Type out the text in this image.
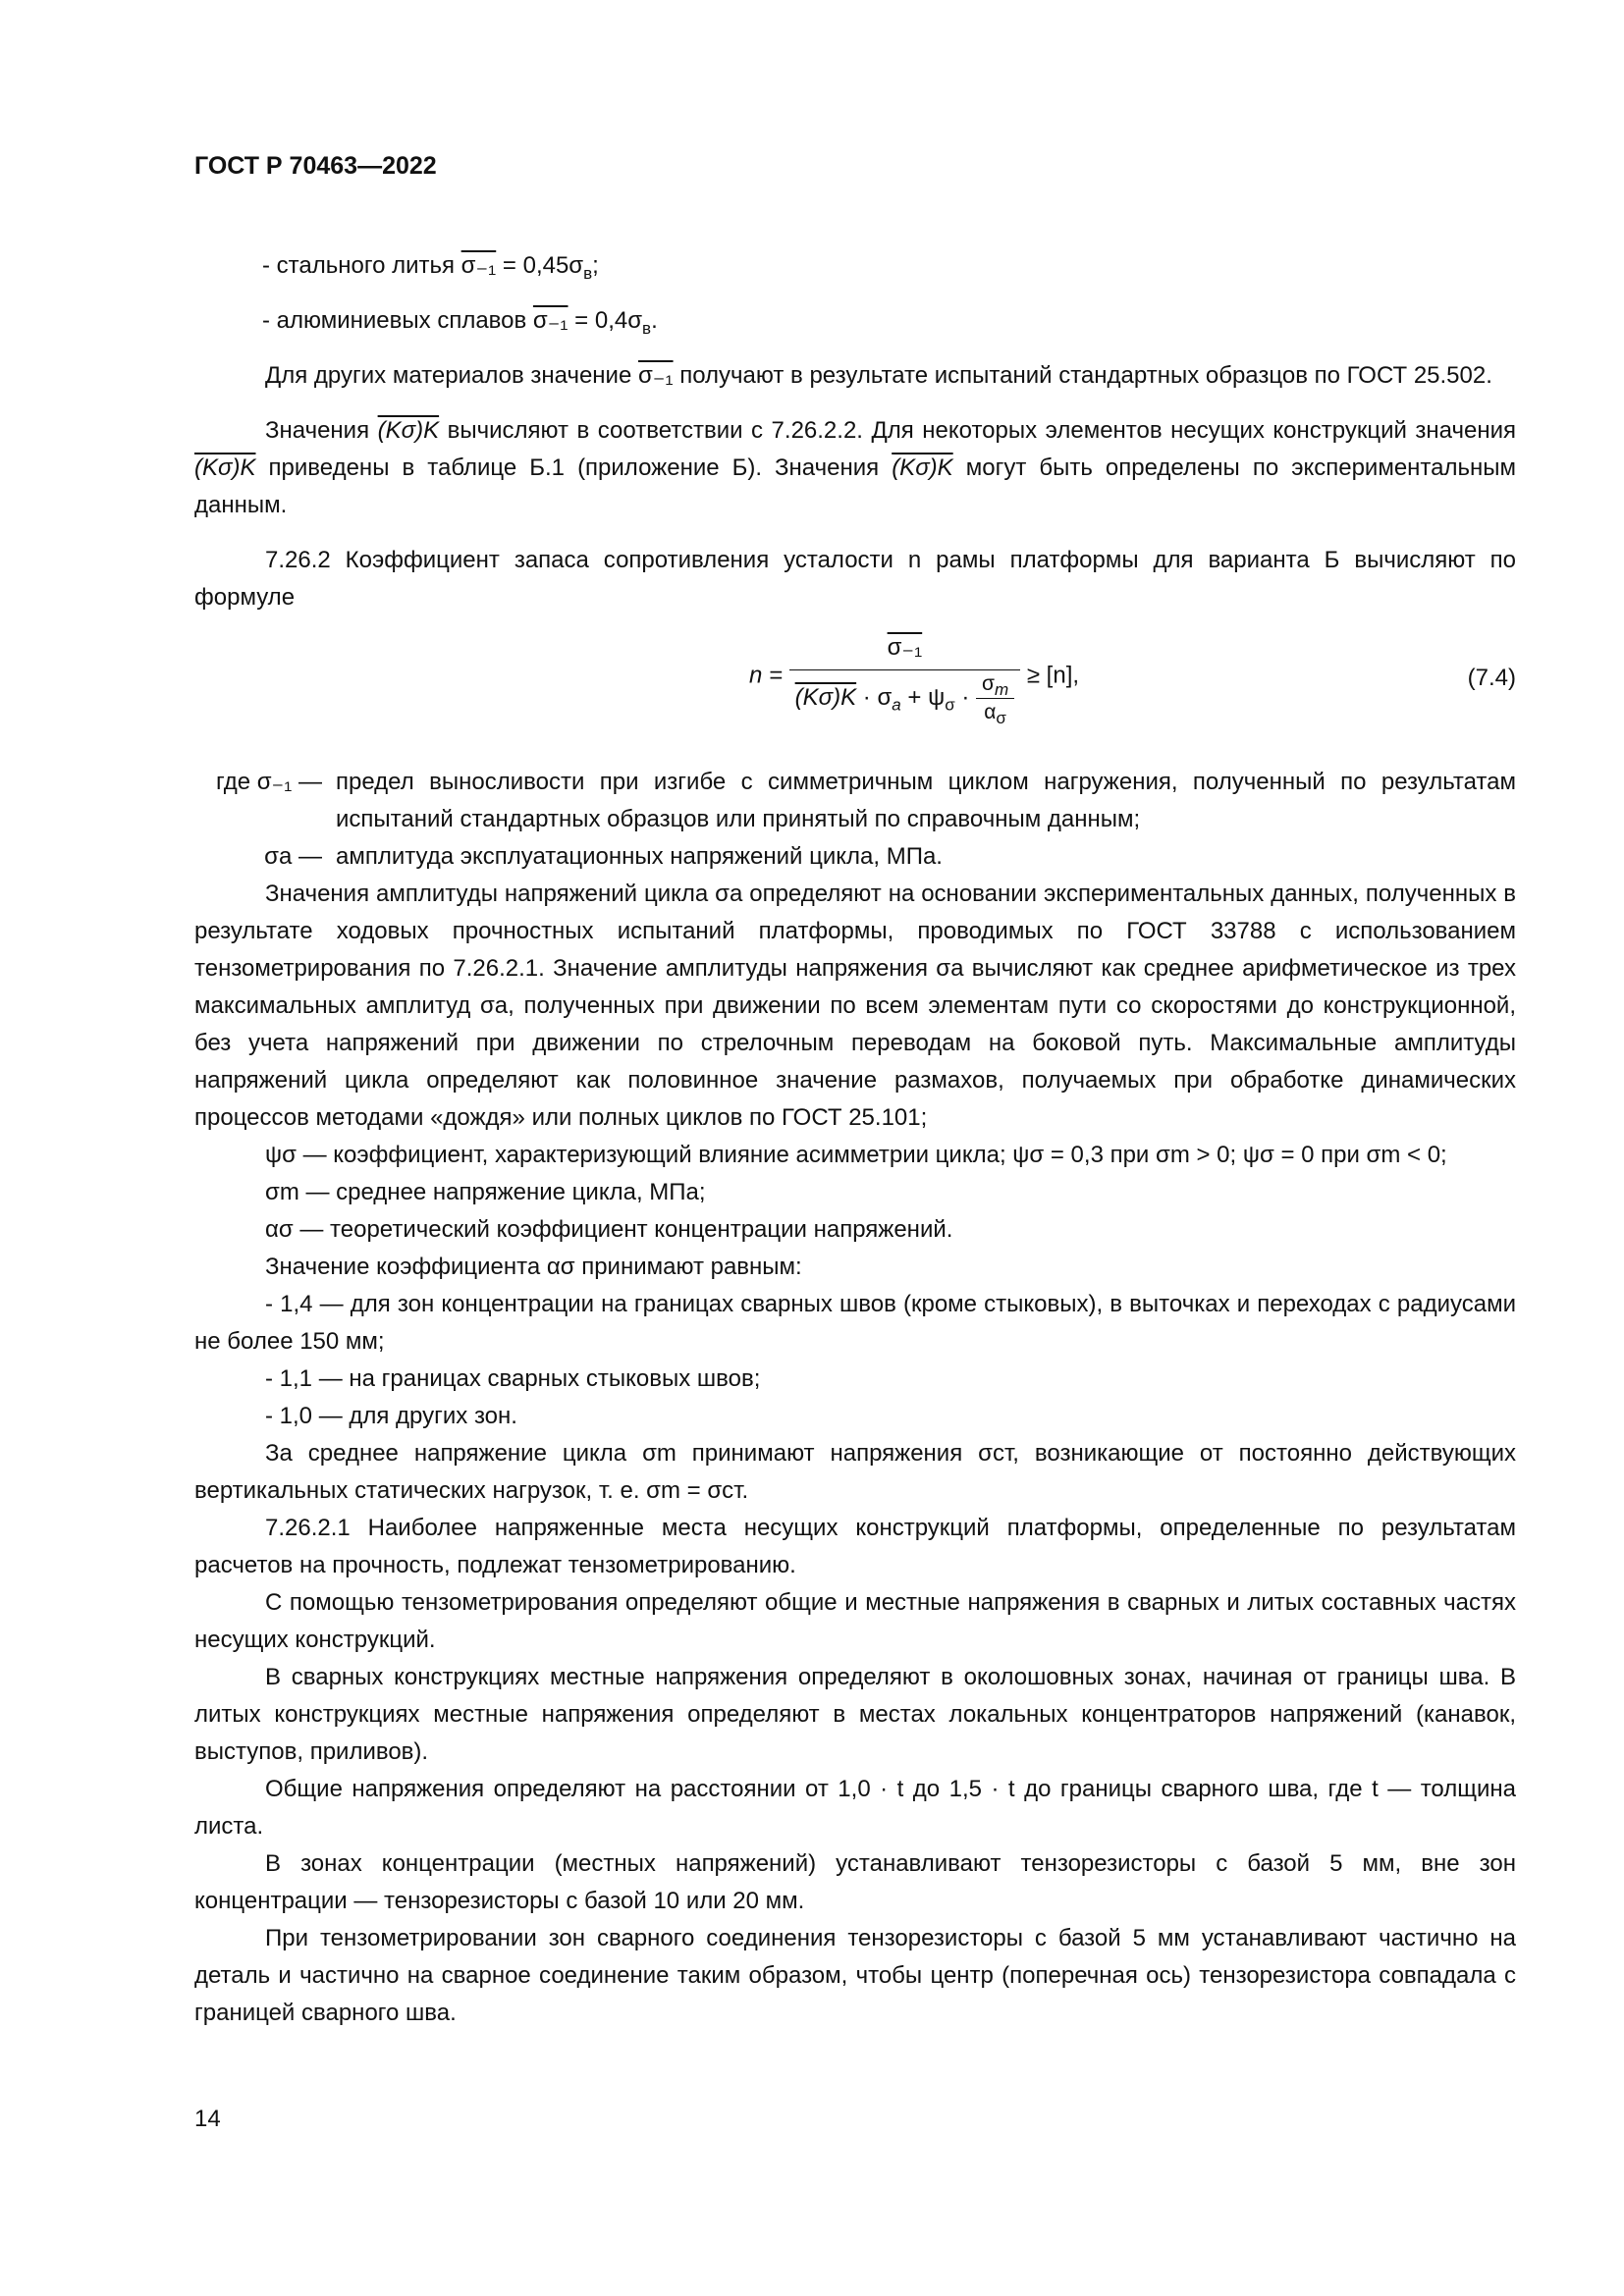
ГОСТ Р 70463—2022

- стального литья $\sigma_{-1} = 0,45\sigma_в$;

- алюминиевых сплавов $\sigma_{-1} = 0,4\sigma_в$.

Для других материалов значение σ₋₁ получают в результате испытаний стандартных образцов по ГОСТ 25.502.

Значения (Kσ)K вычисляют в соответствии с 7.26.2.2. Для некоторых элементов несущих конструкций значения (Kσ)K приведены в таблице Б.1 (приложение Б). Значения (Kσ)K могут быть определены по экспериментальным данным.

7.26.2 Коэффициент запаса сопротивления усталости n рамы платформы для варианта Б вычисляют по формуле

$n = \frac{\text{σ₋₁}}{(K\sigma)K \cdot \sigma_a + \psi_\sigma \cdot \frac{\sigma_m}{\alpha_\sigma}} \ge [n]$,	(7.4)
где σ₋₁ — предел выносливости при изгибе с симметричным циклом нагружения, полученный по результатам испытаний стандартных образцов или принятый по справочным данным;
σa — амплитуда эксплуатационных напряжений цикла, МПа.

Значения амплитуды напряжений цикла σa определяют на основании экспериментальных данных, полученных в результате ходовых прочностных испытаний платформы, проводимых по ГОСТ 33788 с использованием тензометрирования по 7.26.2.1. Значение амплитуды напряжения σa вычисляют как среднее арифметическое из трех максимальных амплитуд σa, полученных при движении по всем элементам пути со скоростями до конструкционной, без учета напряжений при движении по стрелочным переводам на боковой путь. Максимальные амплитуды напряжений цикла определяют как половинное значение размахов, получаемых при обработке динамических процессов методами «дождя» или полных циклов по ГОСТ 25.101;

ψσ — коэффициент, характеризующий влияние асимметрии цикла; ψσ = 0,3 при σm > 0; ψσ = 0 при σm < 0;

σm — среднее напряжение цикла, МПа;

ασ — теоретический коэффициент концентрации напряжений.

Значение коэффициента ασ принимают равным:

- 1,4 — для зон концентрации на границах сварных швов (кроме стыковых), в выточках и переходах с радиусами не более 150 мм;

- 1,1 — на границах сварных стыковых швов;

- 1,0 — для других зон.

За среднее напряжение цикла σm принимают напряжения σст, возникающие от постоянно действующих вертикальных статических нагрузок, т. е. σm = σст.

7.26.2.1 Наиболее напряженные места несущих конструкций платформы, определенные по результатам расчетов на прочность, подлежат тензометрированию.

С помощью тензометрирования определяют общие и местные напряжения в сварных и литых составных частях несущих конструкций.

В сварных конструкциях местные напряжения определяют в околошовных зонах, начиная от границы шва. В литых конструкциях местные напряжения определяют в местах локальных концентраторов напряжений (канавок, выступов, приливов).

Общие напряжения определяют на расстоянии от 1,0 · t до 1,5 · t до границы сварного шва, где t — толщина листа.

В зонах концентрации (местных напряжений) устанавливают тензорезисторы с базой 5 мм, вне зон концентрации — тензорезисторы с базой 10 или 20 мм.

При тензометрировании зон сварного соединения тензорезисторы с базой 5 мм устанавливают частично на деталь и частично на сварное соединение таким образом, чтобы центр (поперечная ось) тензорезистора совпадала с границей сварного шва.

14
